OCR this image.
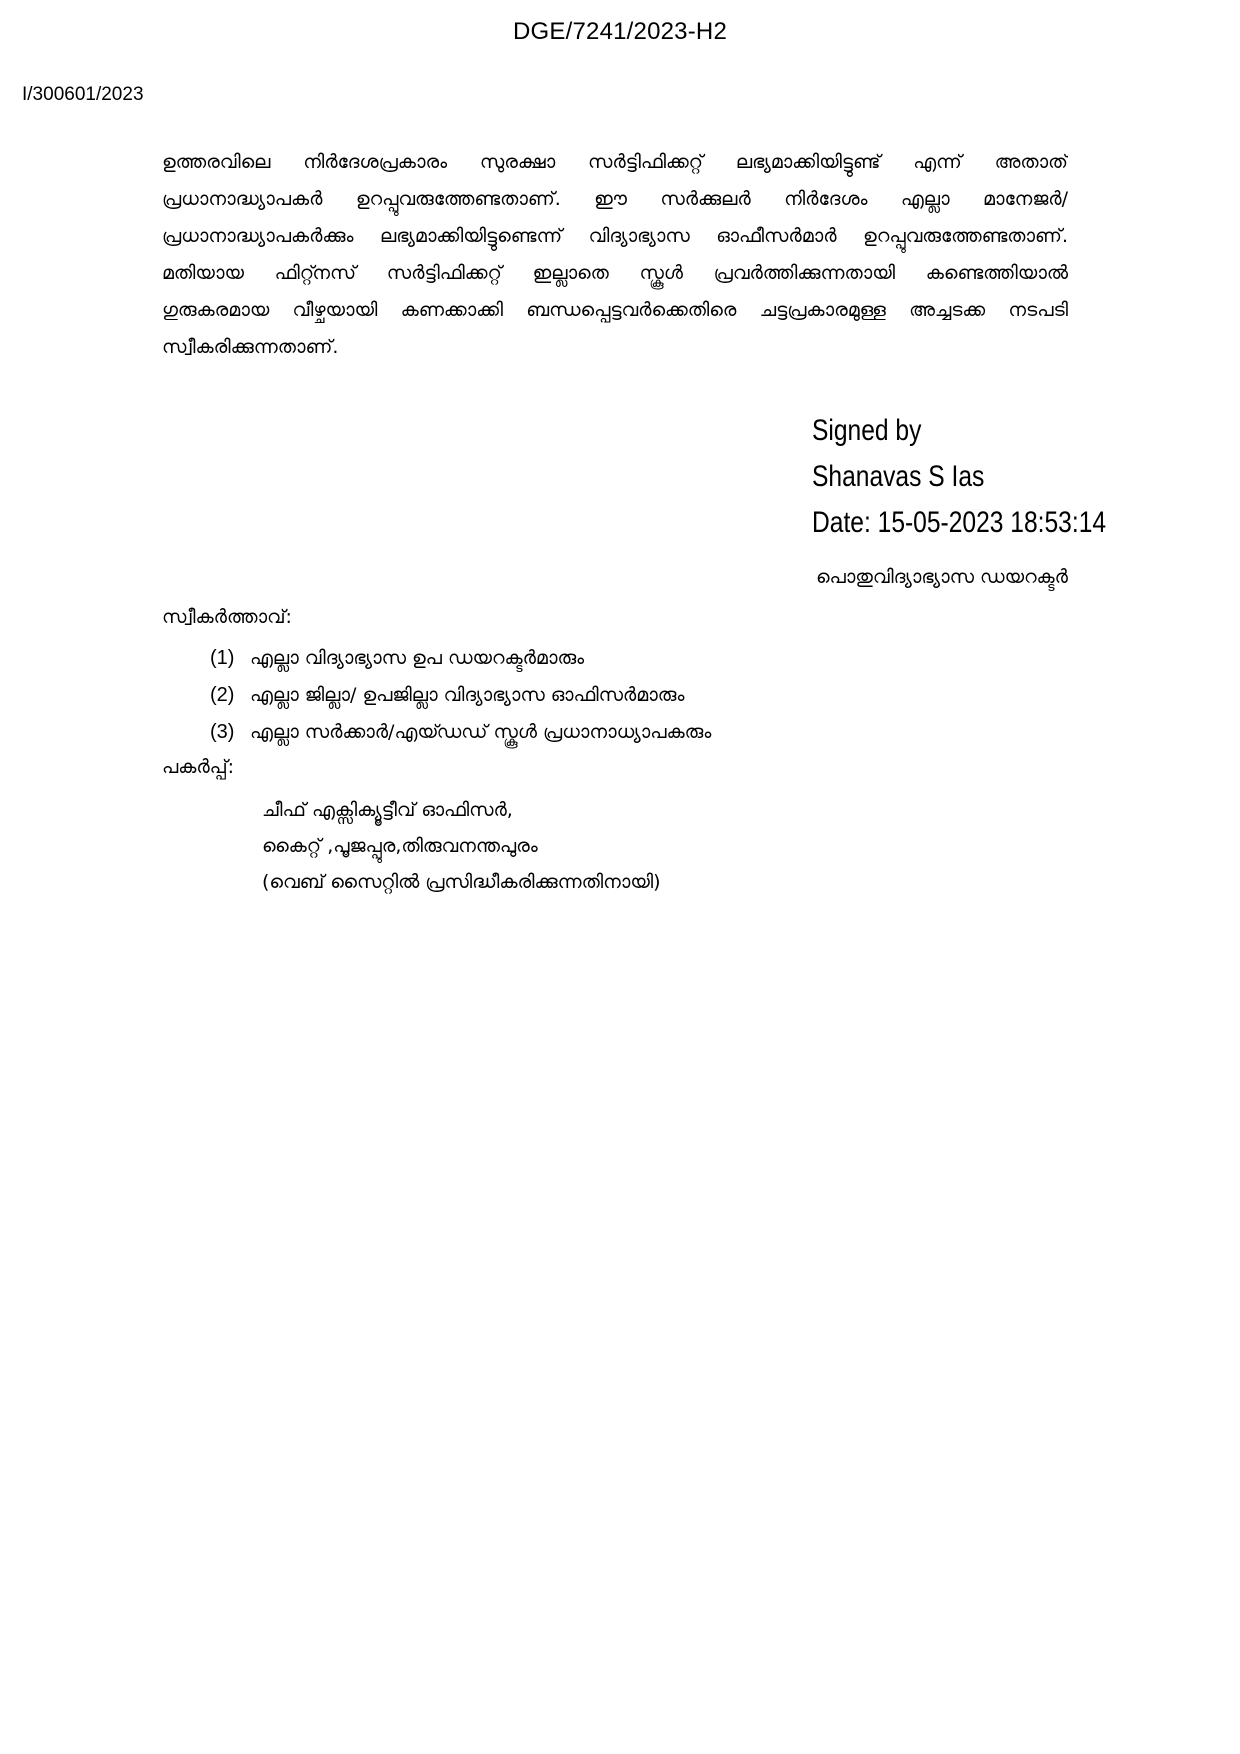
DGE/7241/2023-H2
I/300601/2023
ഉത്തരവിലെ നിർദേശപ്രകാരം സുരക്ഷാ സർട്ടിഫിക്കറ്റ് ലഭ്യമാക്കിയിട്ടുണ്ട് എന്ന് അതാത്
പ്രധാനാദ്ധ്യാപകർ ഉറപ്പുവരുത്തേണ്ടതാണ്. ഈ സർക്കുലർ നിർദേശം എല്ലാ മാനേജർ/
പ്രധാനാദ്ധ്യാപകർക്കും ലഭ്യമാക്കിയിട്ടുണ്ടെന്ന് വിദ്യാഭ്യാസ ഓഫീസർമാർ ഉറപ്പുവരുത്തേണ്ടതാണ്.
മതിയായ ഫിറ്റ്നസ് സർട്ടിഫിക്കറ്റ് ഇല്ലാതെ സ്കൂൾ പ്രവർത്തിക്കുന്നതായി കണ്ടെത്തിയാൽ
ഗുരുകരമായ വീഴ്ചയായി കണക്കാക്കി ബന്ധപ്പെട്ടവർക്കെതിരെ ചട്ടപ്രകാരമുള്ള അച്ചടക്ക നടപടി
സ്വീകരിക്കുന്നതാണ്.
Signed by
Shanavas S Ias
Date: 15-05-2023 18:53:14
പൊതുവിദ്യാഭ്യാസ ഡയറക്ടർ
സ്വീകർത്താവ്:
(1) എല്ലാ വിദ്യാഭ്യാസ ഉപ ഡയറക്ടർമാരും
(2) എല്ലാ ജില്ലാ/ ഉപജില്ലാ വിദ്യാഭ്യാസ ഓഫിസർമാരും
(3) എല്ലാ സർക്കാർ/എയ്ഡഡ് സ്കൂൾ പ്രധാനാധ്യാപകരും
പകർപ്പ്:
ചീഫ് എക്സിക്യൂട്ടീവ് ഓഫിസർ,
കൈറ്റ് ,പൂജപ്പുര,തിരുവനന്തപുരം
(വെബ് സൈറ്റിൽ പ്രസിദ്ധീകരിക്കുന്നതിനായി)
